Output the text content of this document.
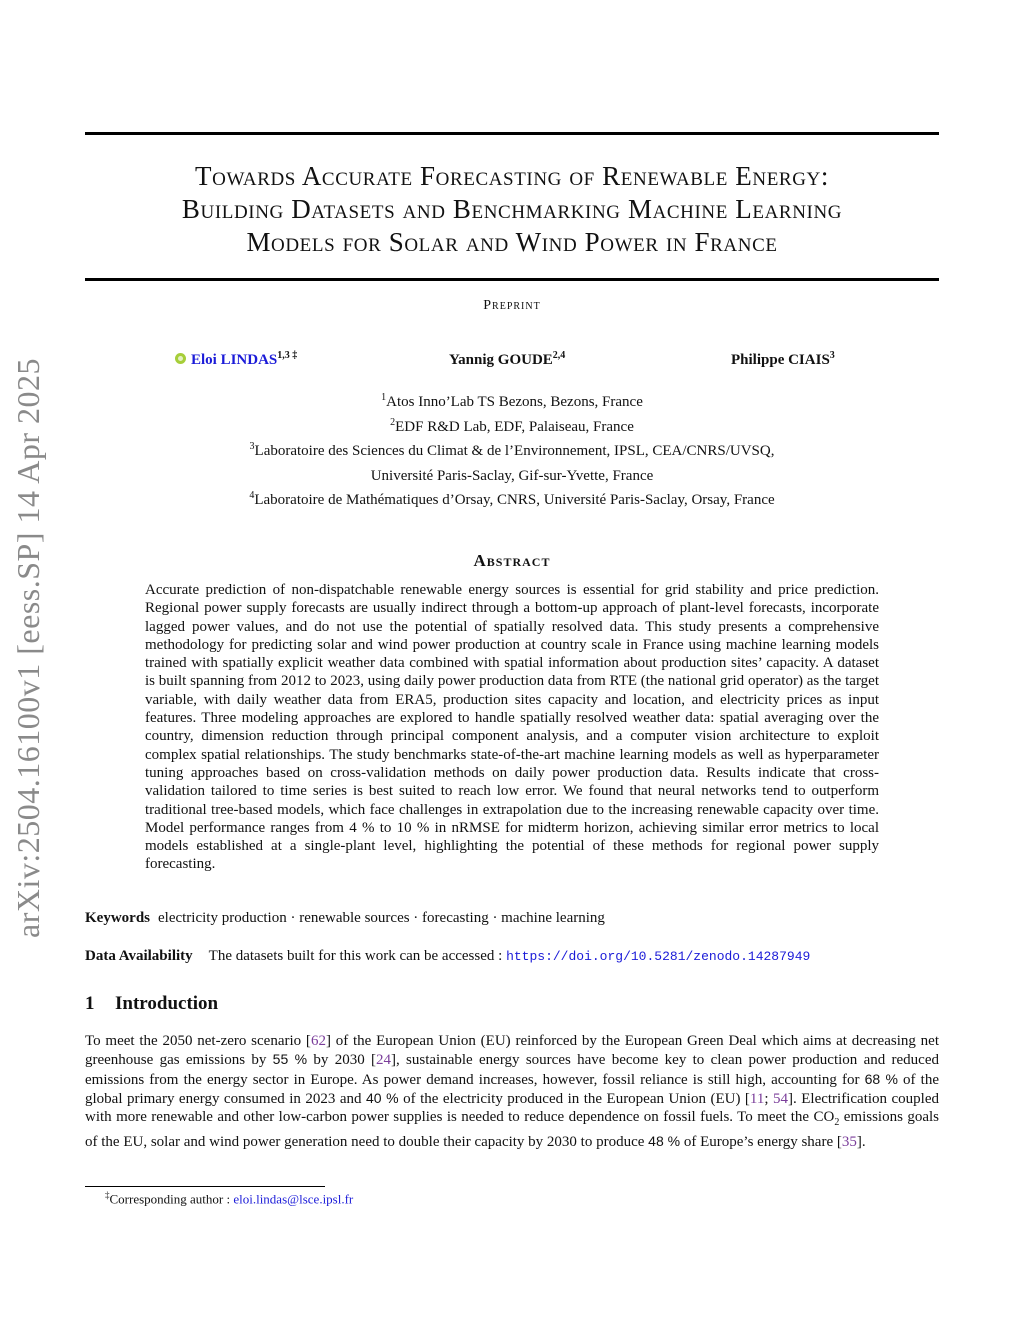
arXiv:2504.16100v1 [eess.SP] 14 Apr 2025
Towards Accurate Forecasting of Renewable Energy:
Building Datasets and Benchmarking Machine Learning
Models for Solar and Wind Power in France
Preprint
Eloi $LINDAS^{1,3 \ddagger}$	Yannig GOUDE$^{2,4}$	Philippe CIAIS$^3$
$^1$Atos Inno’Lab TS Bezons, Bezons, France
$^2$EDF R&D Lab, EDF, Palaiseau, France
$^3$Laboratoire des Sciences du Climat & de l’Environnement, IPSL, CEA/CNRS/UVSQ,
Université Paris-Saclay, Gif-sur-Yvette, France
$^4$Laboratoire de Mathématiques d’Orsay, CNRS, Université Paris-Saclay, Orsay, France
Abstract
Accurate prediction of non-dispatchable renewable energy sources is essential for grid stability and price prediction. Regional power supply forecasts are usually indirect through a bottom-up approach of plant-level forecasts, incorporate lagged power values, and do not use the potential of spatially resolved data. This study presents a comprehensive methodology for predicting solar and wind power production at country scale in France using machine learning models trained with spatially explicit weather data combined with spatial information about production sites’ capacity. A dataset is built spanning from 2012 to 2023, using daily power production data from RTE (the national grid operator) as the target variable, with daily weather data from ERA5, production sites capacity and location, and electricity prices as input features. Three modeling approaches are explored to handle spatially resolved weather data: spatial averaging over the country, dimension reduction through principal component analysis, and a computer vision architecture to exploit complex spatial relationships. The study benchmarks state-of-the-art machine learning models as well as hyperparameter tuning approaches based on cross-validation methods on daily power production data. Results indicate that cross-validation tailored to time series is best suited to reach low error. We found that neural networks tend to outperform traditional tree-based models, which face challenges in extrapolation due to the increasing renewable capacity over time. Model performance ranges from 4 % to 10 % in nRMSE for midterm horizon, achieving similar error metrics to local models established at a single-plant level, highlighting the potential of these methods for regional power supply forecasting.
Keywords electricity production · renewable sources · forecasting · machine learning
Data Availability The datasets built for this work can be accessed : https://doi.org/10.5281/zenodo.14287949
1 Introduction
To meet the 2050 net-zero scenario [62] of the European Union (EU) reinforced by the European Green Deal which aims at decreasing net greenhouse gas emissions by 55 % by 2030 [24], sustainable energy sources have become key to clean power production and reduced emissions from the energy sector in Europe. As power demand increases, however, fossil reliance is still high, accounting for 68 % of the global primary energy consumed in 2023 and 40 % of the electricity produced in the European Union (EU) [11; 54]. Electrification coupled with more renewable and other low-carbon power supplies is needed to reduce dependence on fossil fuels. To meet the $CO_2$ emissions goals of the EU, solar and wind power generation need to double their capacity by 2030 to produce 48 % of Europe’s energy share [35].
‡Corresponding author : eloi.lindas@lsce.ipsl.fr
